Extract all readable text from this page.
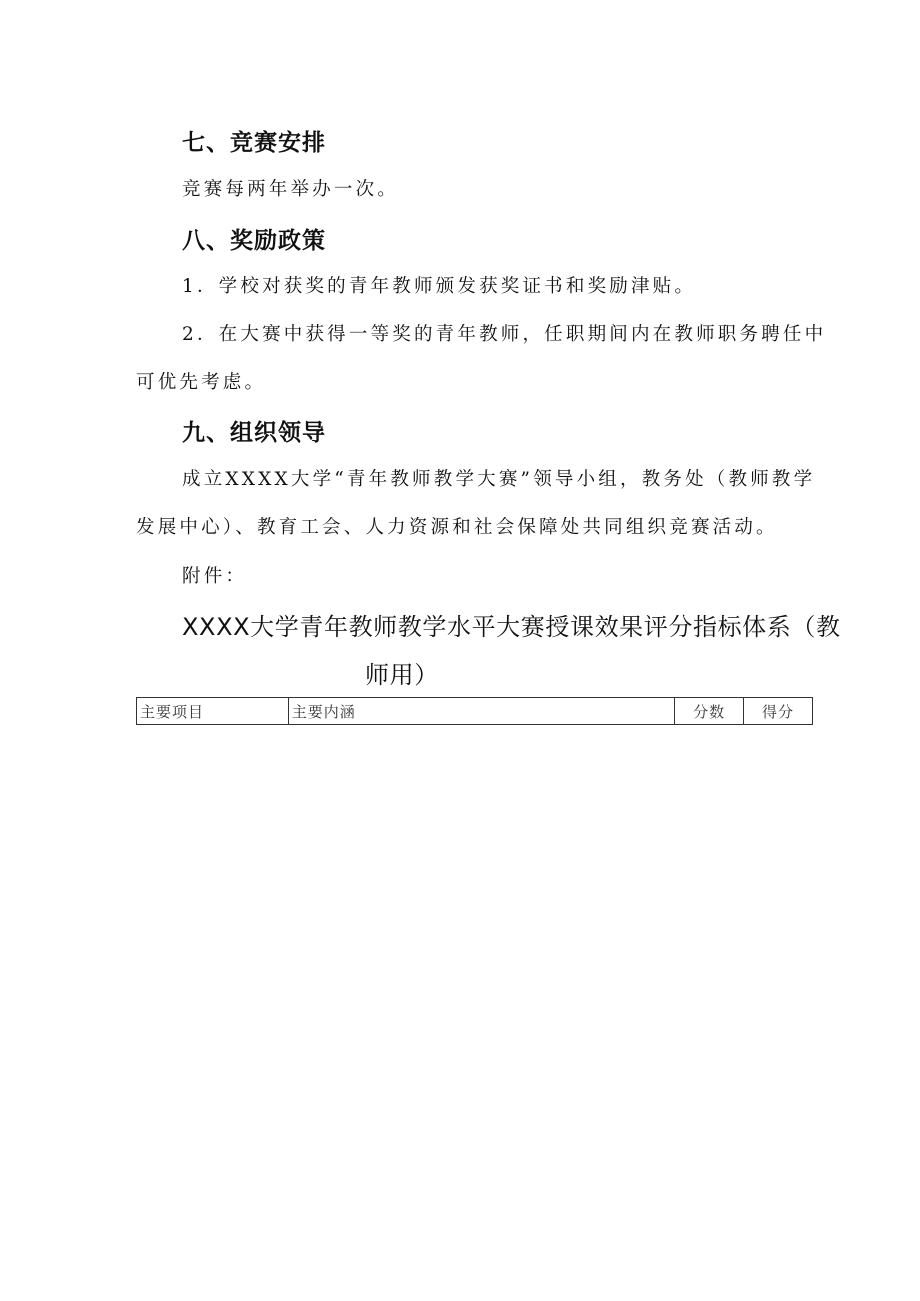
七、竞赛安排
竞赛每两年举办一次。
八、奖励政策
1．学校对获奖的青年教师颁发获奖证书和奖励津贴。
2．在大赛中获得一等奖的青年教师，任职期间内在教师职务聘任中
可优先考虑。
九、组织领导
成立XXXX大学“青年教师教学大赛”领导小组，教务处（教师教学
发展中心）、教育工会、人力资源和社会保障处共同组织竞赛活动。
附件：
XXXX大学青年教师教学水平大赛授课效果评分指标体系（教
师用）
主要项目	主要内涵	分数	得分
